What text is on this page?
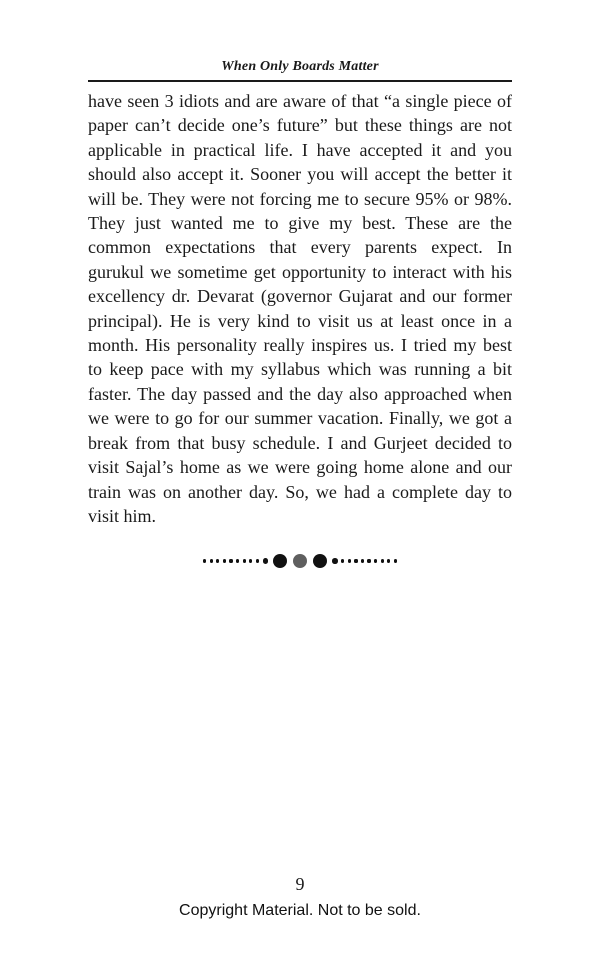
When Only Boards Matter
have seen 3 idiots and are aware of that “a single piece of
paper can’t decide one’s future” but these things are not
applicable in practical life. I have accepted it and you
should also accept it. Sooner you will accept the better it
will be. They were not forcing me to secure 95% or 98%.
They just wanted me to give my best. These are the
common expectations that every parents expect. In
gurukul we sometime get opportunity to interact with his
excellency dr. Devarat (governor Gujarat and our former
principal). He is very kind to visit us at least once in a
month. His personality really inspires us. I tried my best
to keep pace with my syllabus which was running a bit
faster. The day passed and the day also approached when
we were to go for our summer vacation. Finally, we got a
break from that busy schedule. I and Gurjeet decided to
visit Sajal’s home as we were going home alone and our
train was on another day. So, we had a complete day to
visit him.
9
Copyright Material. Not to be sold.
